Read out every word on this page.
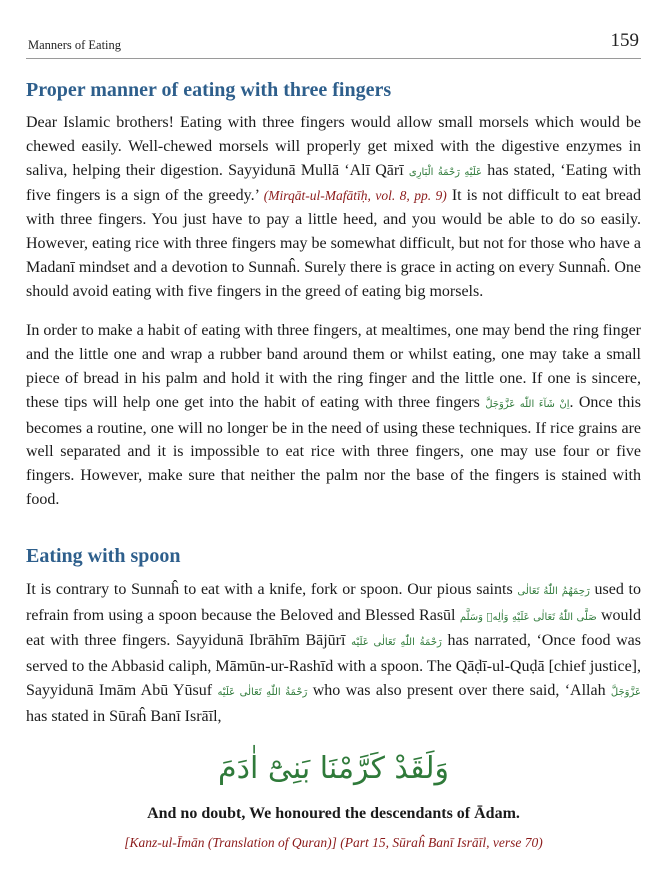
Manners of Eating	159
Proper manner of eating with three fingers

Dear Islamic brothers! Eating with three fingers would allow small morsels which would be chewed easily. Well-chewed morsels will properly get mixed with the digestive enzymes in saliva, helping their digestion. Sayyidunā Mullā ‘Alī Qārī عَلَیْهِ رَحْمَةُ الْبَارِی has stated, ‘Eating with five fingers is a sign of the greedy.’ (Mirqāt-ul-Mafātīḥ, vol. 8, pp. 9) It is not difficult to eat bread with three fingers. You just have to pay a little heed, and you would be able to do so easily. However, eating rice with three fingers may be somewhat difficult, but not for those who have a Madanī mindset and a devotion to Sunnaĥ. Surely there is grace in acting on every Sunnaĥ. One should avoid eating with five fingers in the greed of eating big morsels.

In order to make a habit of eating with three fingers, at mealtimes, one may bend the ring finger and the little one and wrap a rubber band around them or whilst eating, one may take a small piece of bread in his palm and hold it with the ring finger and the little one. If one is sincere, these tips will help one get into the habit of eating with three fingers اِنْ شَآءَ اللّٰه عَزَّوَجَلَّ. Once this becomes a routine, one will no longer be in the need of using these techniques. If rice grains are well separated and it is impossible to eat rice with three fingers, one may use four or five fingers. However, make sure that neither the palm nor the base of the fingers is stained with food.

Eating with spoon

It is contrary to Sunnaĥ to eat with a knife, fork or spoon. Our pious saints رَحِمَهُمُ اللّٰهُ تَعَالٰی used to refrain from using a spoon because the Beloved and Blessed Rasūl صَلَّی اللّٰهُ تَعَالٰی عَلَیْهِ وَاٰلِهٖ وَسَلَّم would eat with three fingers. Sayyidunā Ibrāhīm Bājūrī رَحْمَةُ اللّٰهِ تَعَالٰی عَلَیْه has narrated, ‘Once food was served to the Abbasid caliph, Māmūn-ur-Rashīd with a spoon. The Qāḍī-ul-Quḍā [chief justice], Sayyidunā Imām Abū Yūsuf رَحْمَةُ اللّٰهِ تَعَالٰی عَلَیْه who was also present over there said, ‘Allah عَزَّوَجَلَّ has stated in Sūraĥ Banī Isrāīl,

وَلَقَدْ كَرَّمْنَا بَنِیْٓ اٰدَمَ
And no doubt, We honoured the descendants of Ādam.
[Kanz-ul-Īmān (Translation of Quran)] (Part 15, Sūraĥ Banī Isrāīl, verse 70)
